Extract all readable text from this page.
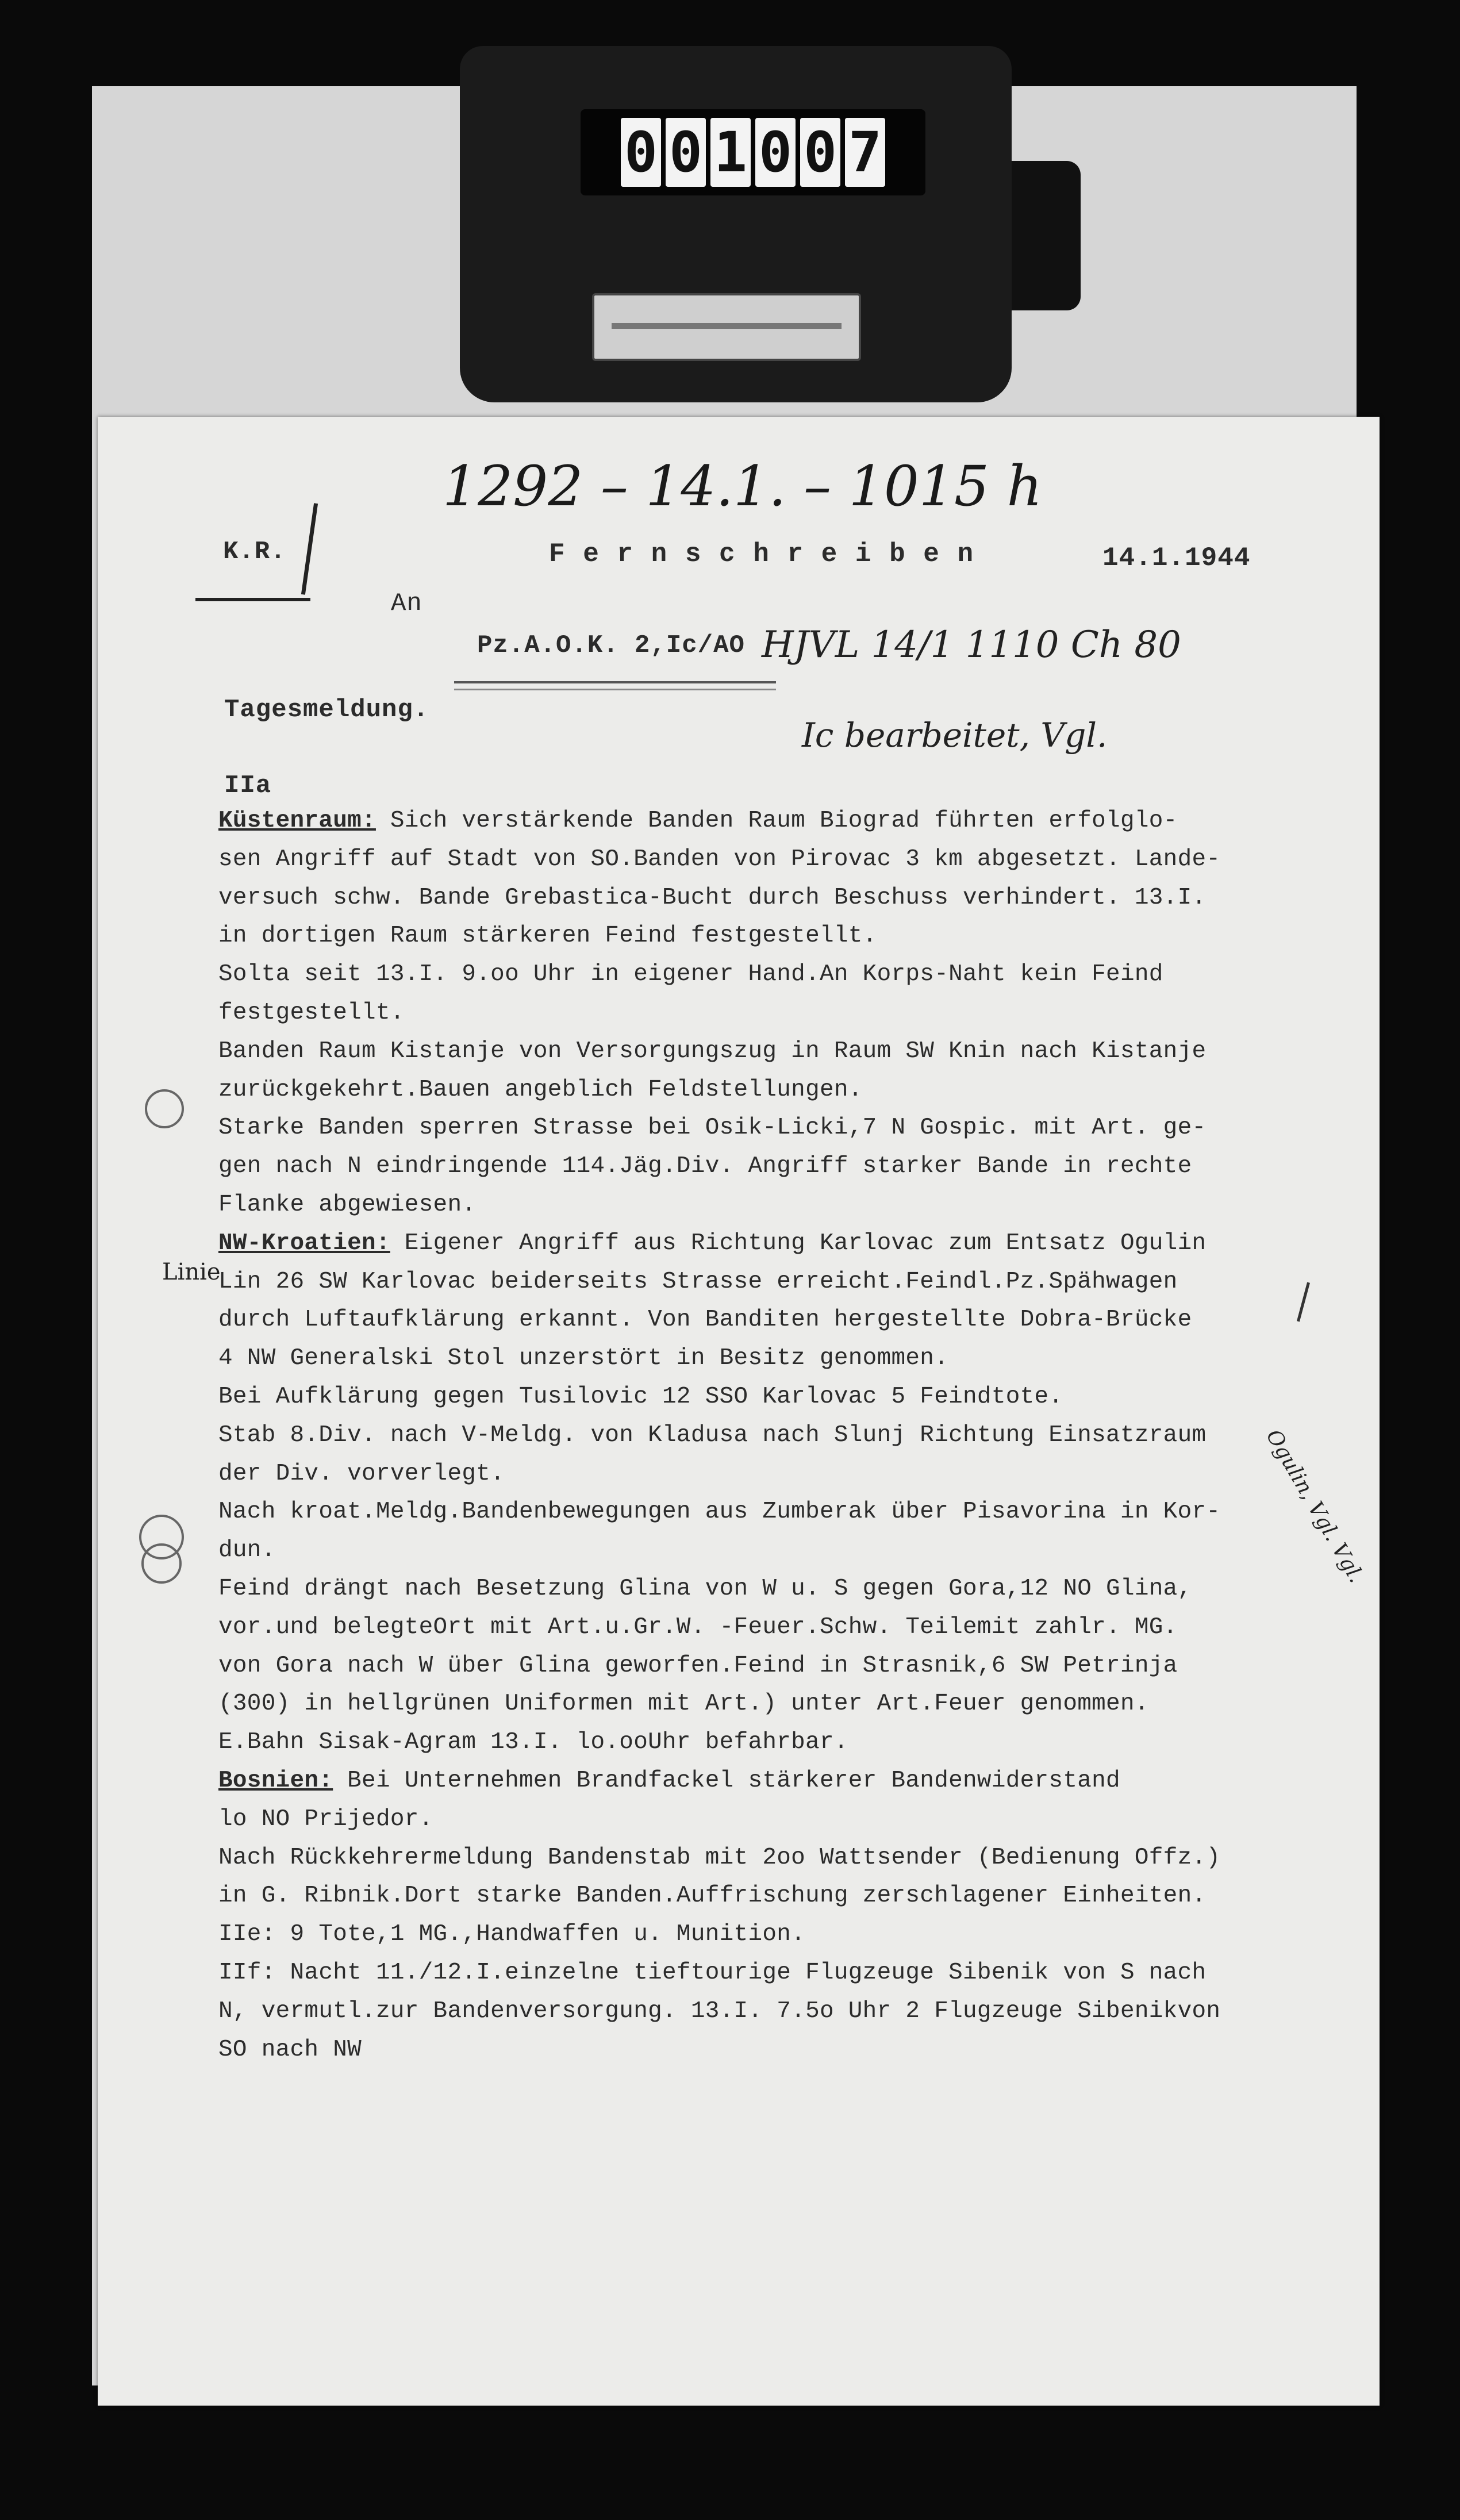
0 0 1 0 0 7
1292 – 14.1. – 1015 h
K.R.	F e r n s c h r e i b e n	14.1.1944
An
Pz.A.O.K. 2,Ic/AO HJVL 14/1 1110 Ch 80
Tagesmeldung.
Ic bearbeitet, Vgl.
IIa
Linie
Ogulin, Vgl. Vgl.
Küstenraum: Sich verstärkende Banden Raum Biograd führten erfolglo-
sen Angriff auf Stadt von SO.Banden von Pirovac 3 km abgesetzt. Lande-
versuch schw. Bande Grebastica-Bucht durch Beschuss verhindert. 13.I.
in dortigen Raum stärkeren Feind festgestellt.
Solta seit 13.I. 9.oo Uhr in eigener Hand.An Korps-Naht kein Feind
festgestellt.
Banden Raum Kistanje von Versorgungszug in Raum SW Knin nach Kistanje
zurückgekehrt.Bauen angeblich Feldstellungen.
Starke Banden sperren Strasse bei Osik-Licki,7 N Gospic. mit Art. ge-
gen nach N eindringende 114.Jäg.Div. Angriff starker Bande in rechte
Flanke abgewiesen.
NW-Kroatien: Eigener Angriff aus Richtung Karlovac zum Entsatz Ogulin
Lin 26 SW Karlovac beiderseits Strasse erreicht.Feindl.Pz.Spähwagen
durch Luftaufklärung erkannt. Von Banditen hergestellte Dobra-Brücke
4 NW Generalski Stol unzerstört in Besitz genommen.
Bei Aufklärung gegen Tusilovic 12 SSO Karlovac 5 Feindtote.
Stab 8.Div. nach V-Meldg. von Kladusa nach Slunj Richtung Einsatzraum
der Div. vorverlegt.
Nach kroat.Meldg.Bandenbewegungen aus Zumberak über Pisavorina in Kor-
dun.
Feind drängt nach Besetzung Glina von W u. S gegen Gora,12 NO Glina,
vor.und belegteOrt mit Art.u.Gr.W. -Feuer.Schw. Teilemit zahlr. MG.
von Gora nach W über Glina geworfen.Feind in Strasnik,6 SW Petrinja
(300) in hellgrünen Uniformen mit Art.) unter Art.Feuer genommen.
E.Bahn Sisak-Agram 13.I. lo.ooUhr befahrbar.
Bosnien: Bei Unternehmen Brandfackel stärkerer Bandenwiderstand
lo NO Prijedor.
Nach Rückkehrermeldung Bandenstab mit 2oo Wattsender (Bedienung Offz.)
in G. Ribnik.Dort starke Banden.Auffrischung zerschlagener Einheiten.
IIe: 9 Tote,1 MG.,Handwaffen u. Munition.
IIf: Nacht 11./12.I.einzelne tieftourige Flugzeuge Sibenik von S nach
N, vermutl.zur Bandenversorgung. 13.I. 7.5o Uhr 2 Flugzeuge Sibenikvon
SO nach NW
